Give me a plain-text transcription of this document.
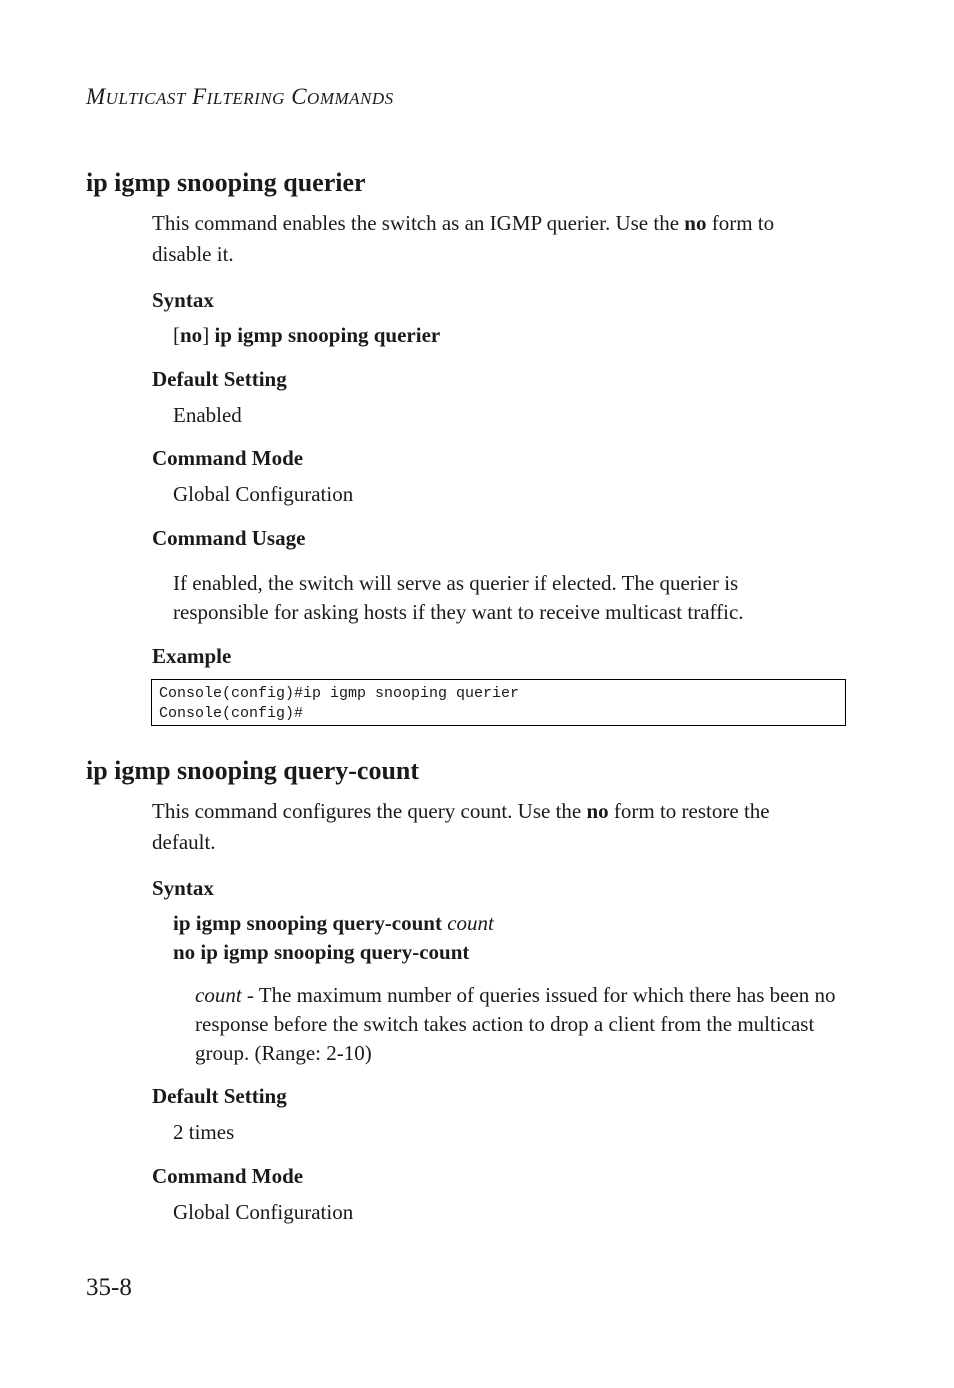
MULTICAST FILTERING COMMANDS
ip igmp snooping querier
This command enables the switch as an IGMP querier. Use the no form to
disable it.
Syntax
[no] ip igmp snooping querier
Default Setting
Enabled
Command Mode
Global Configuration
Command Usage
If enabled, the switch will serve as querier if elected. The querier is responsible for asking hosts if they want to receive multicast traffic.
Example
Console(config)#ip igmp snooping querier
Console(config)#
ip igmp snooping query-count
This command configures the query count. Use the no form to restore the
default.
Syntax
ip igmp snooping query-count count
no ip igmp snooping query-count
count - The maximum number of queries issued for which there has been no response before the switch takes action to drop a client from the multicast group. (Range: 2-10)
Default Setting
2 times
Command Mode
Global Configuration
35-8
